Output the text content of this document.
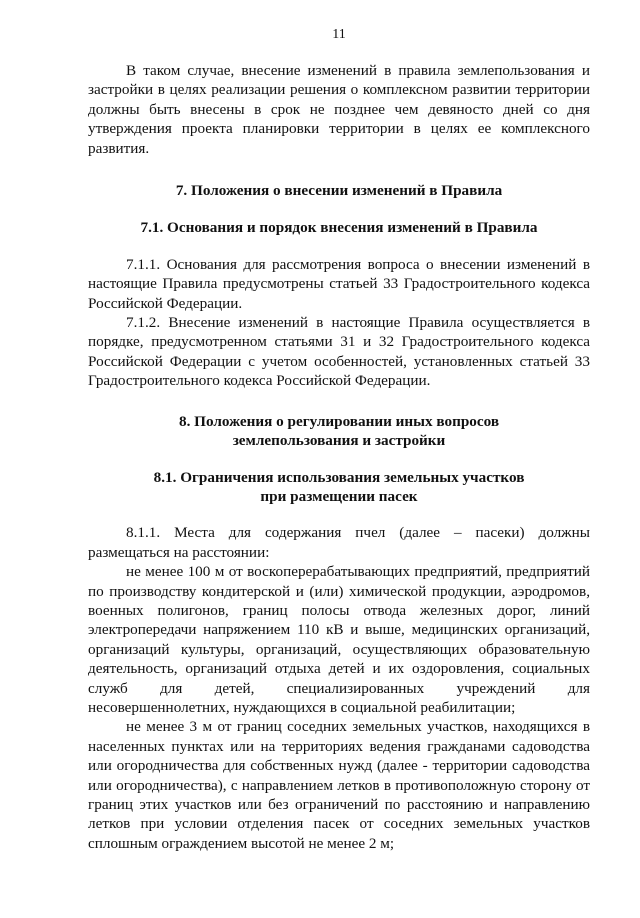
11

В таком случае, внесение изменений в правила землепользования и застройки в целях реализации решения о комплексном развитии территории должны быть внесены в срок не позднее чем девяносто дней со дня утверждения проекта планировки территории в целях ее комплексного развития.

7. Положения о внесении изменений в Правила
7.1. Основания и порядок внесения изменений в Правила

7.1.1. Основания для рассмотрения вопроса о внесении изменений в настоящие Правила предусмотрены статьей 33 Градостроительного кодекса Российской Федерации.

7.1.2. Внесение изменений в настоящие Правила осуществляется в порядке, предусмотренном статьями 31 и 32 Градостроительного кодекса Российской Федерации с учетом особенностей, установленных статьей 33 Градостроительного кодекса Российской Федерации.

8. Положения о регулировании иных вопросов
землепользования и застройки
8.1. Ограничения использования земельных участков
при размещении пасек

8.1.1. Места для содержания пчел (далее – пасеки) должны размещаться на расстоянии:

не менее 100 м от воскоперерабатывающих предприятий, предприятий по производству кондитерской и (или) химической продукции, аэродромов, военных полигонов, границ полосы отвода железных дорог, линий электропередачи напряжением 110 кВ и выше, медицинских организаций, организаций культуры, организаций, осуществляющих образовательную деятельность, организаций отдыха детей и их оздоровления, социальных служб для детей, специализированных учреждений для несовершеннолетних, нуждающихся в социальной реабилитации;

не менее 3 м от границ соседних земельных участков, находящихся в населенных пунктах или на территориях ведения гражданами садоводства или огородничества для собственных нужд (далее - территории садоводства или огородничества), с направлением летков в противоположную сторону от границ этих участков или без ограничений по расстоянию и направлению летков при условии отделения пасек от соседних земельных участков сплошным ограждением высотой не менее 2 м;
